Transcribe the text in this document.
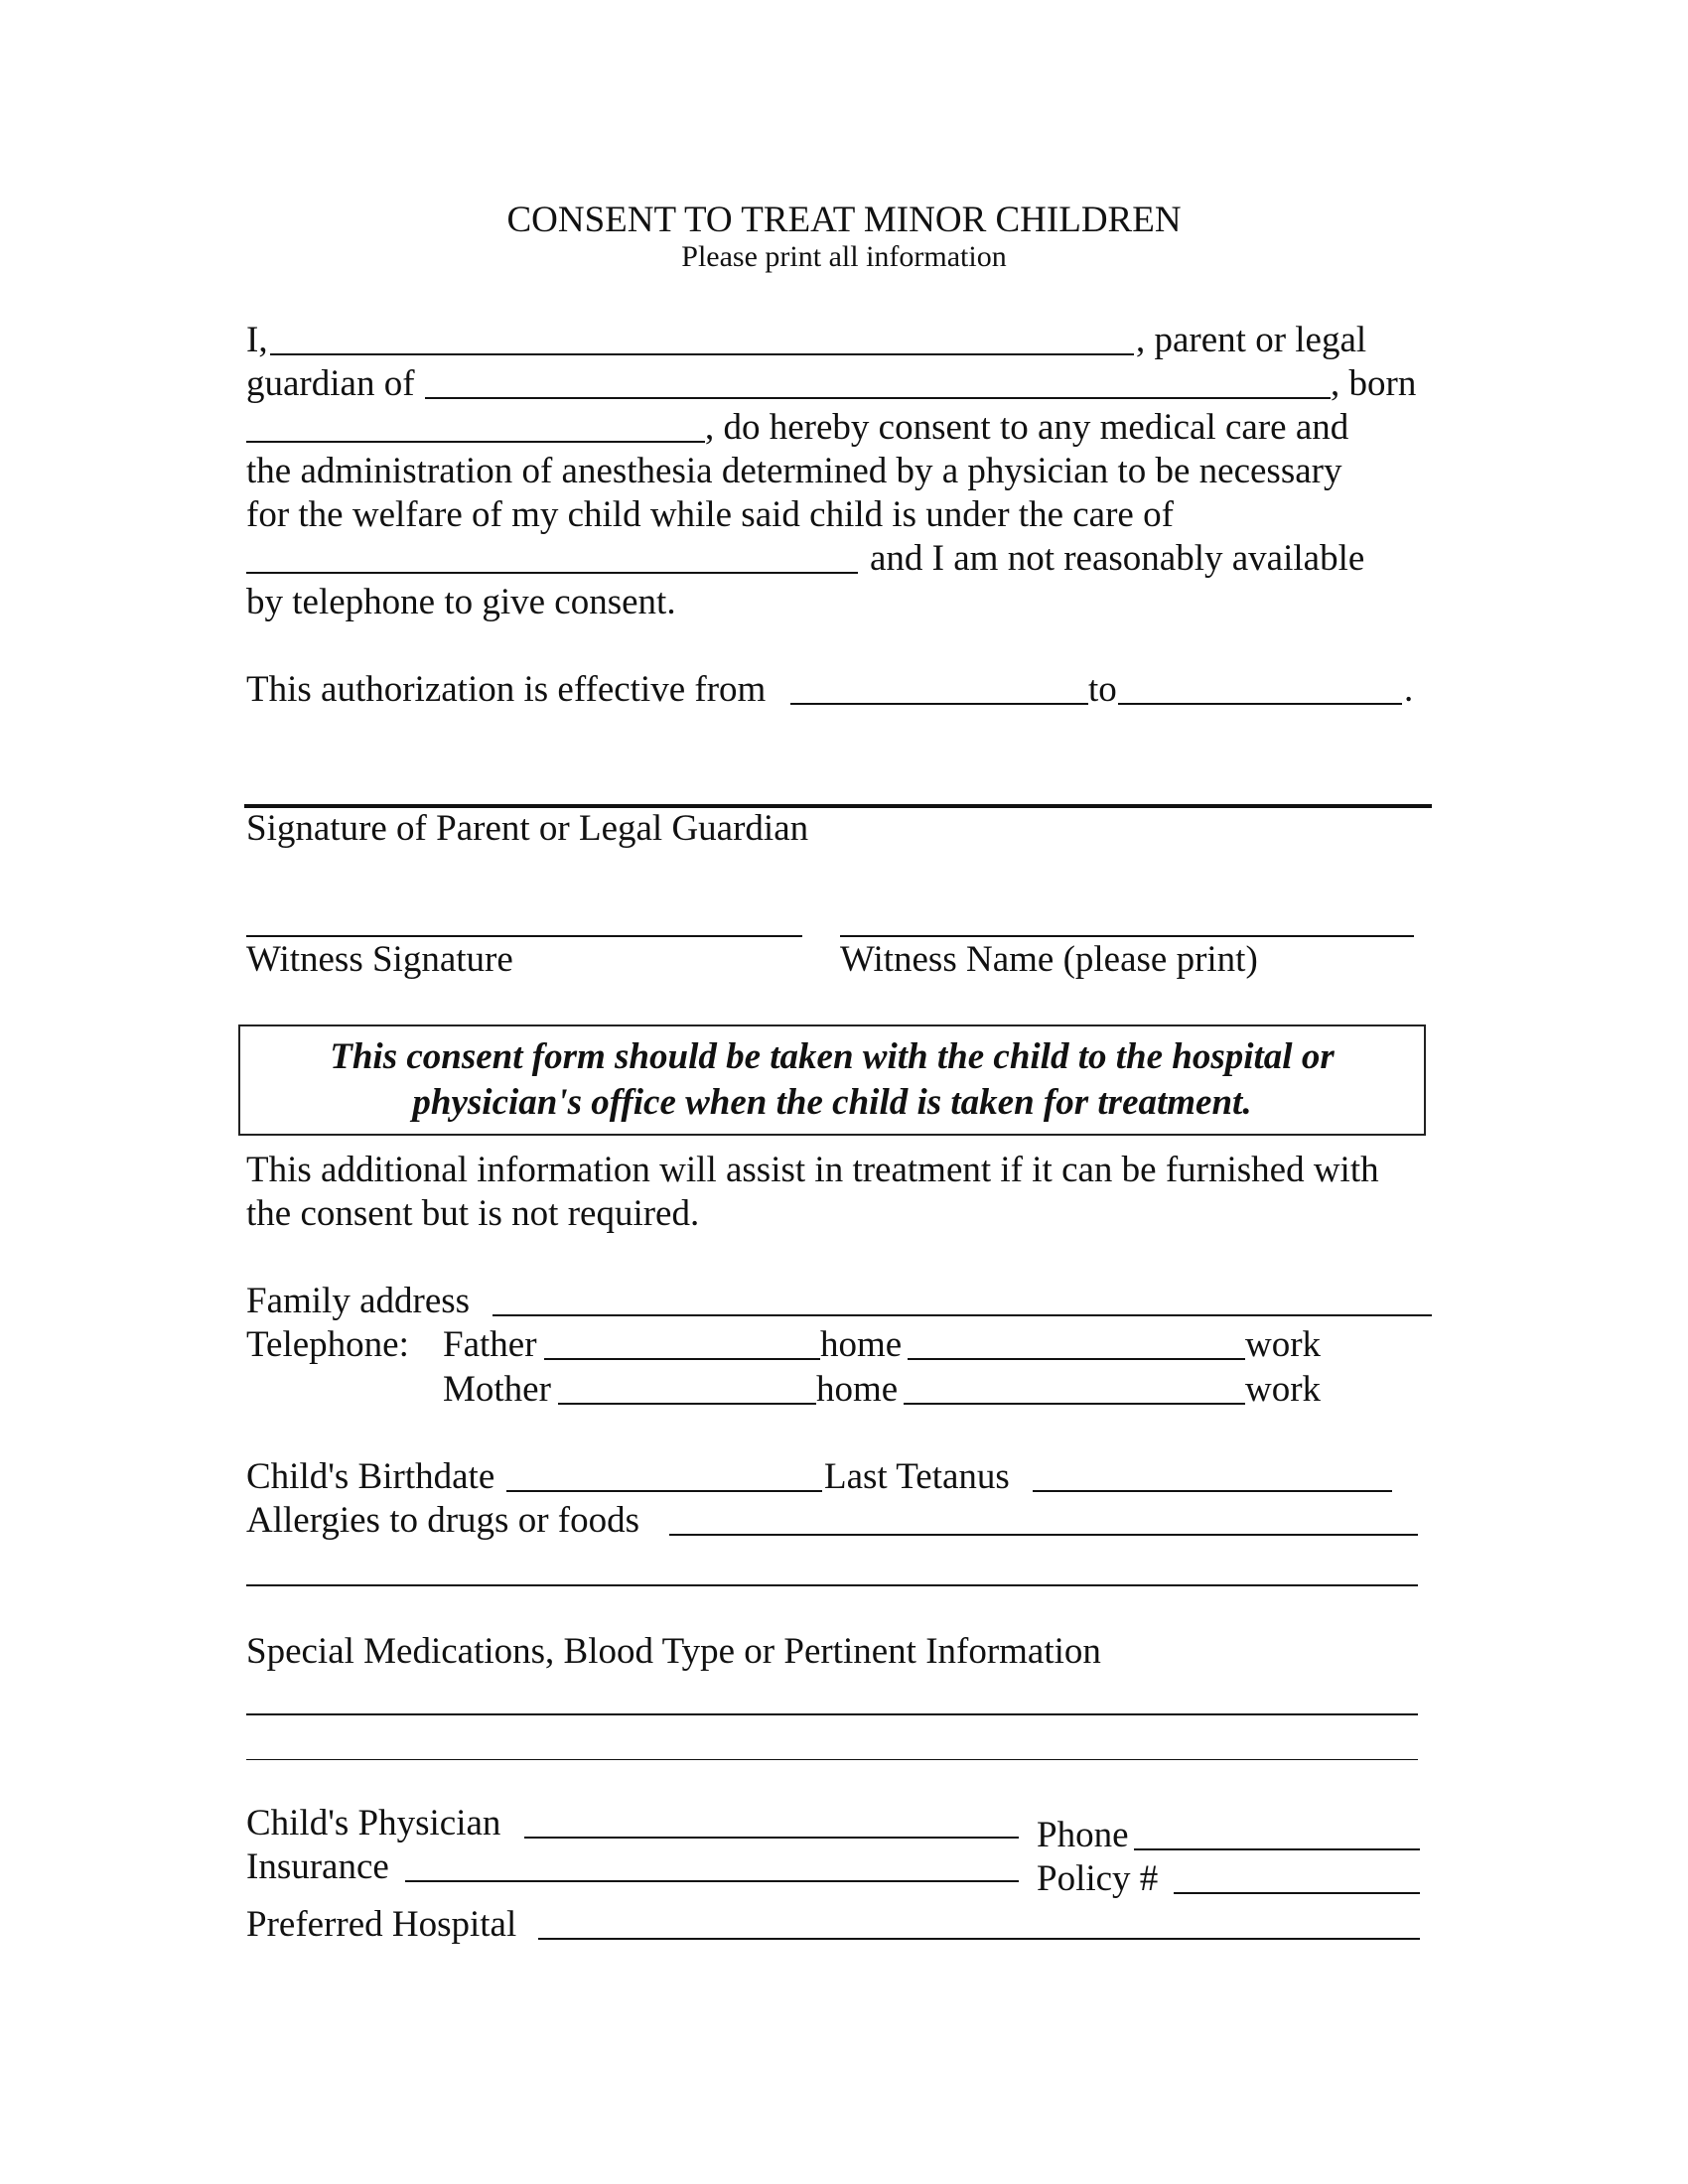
CONSENT TO TREAT MINOR CHILDREN
Please print all information
I,	, parent or legal
guardian of	, born
, do hereby consent to any medical care and
the administration of anesthesia determined by a physician to be necessary
for the welfare of my child while said child is under the care of
and I am not reasonably available
by telephone to give consent.
This authorization is effective from	to	.
Signature of Parent or Legal Guardian
Witness Signature	Witness Name (please print)
This consent form should be taken with the child to the hospital or
physician's office when the child is taken for treatment.
This additional information will assist in treatment if it can be furnished with
the consent but is not required.
Family address
Telephone: Father	home	work
Mother	home	work
Child's Birthdate	Last Tetanus
Allergies to drugs or foods
Special Medications, Blood Type or Pertinent Information
Child's Physician	Phone
Insurance	Policy #
Preferred Hospital
